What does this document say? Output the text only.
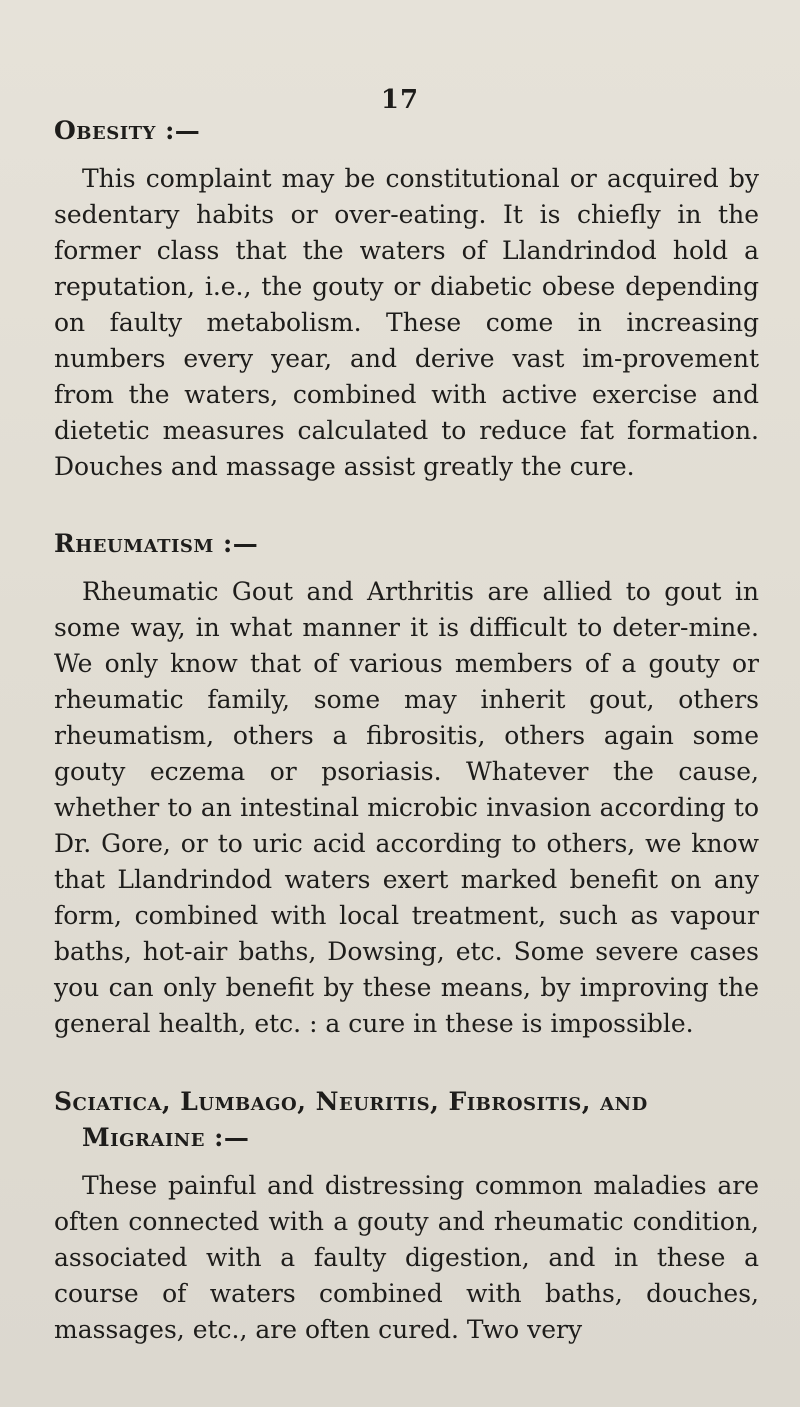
17
Obesity :—

This complaint may be constitutional or acquired by sedentary habits or over-eating. It is chiefly in the former class that the waters of Llandrindod hold a reputation, i.e., the gouty or diabetic obese depending on faulty metabolism. These come in increasing numbers every year, and derive vast im-provement from the waters, combined with active exercise and dietetic measures calculated to reduce fat formation. Douches and massage assist greatly the cure.

Rheumatism :—

Rheumatic Gout and Arthritis are allied to gout in some way, in what manner it is difficult to deter-mine. We only know that of various members of a gouty or rheumatic family, some may inherit gout, others rheumatism, others a fibrositis, others again some gouty eczema or psoriasis. Whatever the cause, whether to an intestinal microbic invasion according to Dr. Gore, or to uric acid according to others, we know that Llandrindod waters exert marked benefit on any form, combined with local treatment, such as vapour baths, hot-air baths, Dowsing, etc. Some severe cases you can only benefit by these means, by improving the general health, etc. : a cure in these is impossible.

Sciatica, Lumbago, Neuritis, Fibrositis, and
Migraine :—

These painful and distressing common maladies are often connected with a gouty and rheumatic condition, associated with a faulty digestion, and in these a course of waters combined with baths, douches, massages, etc., are often cured. Two very
